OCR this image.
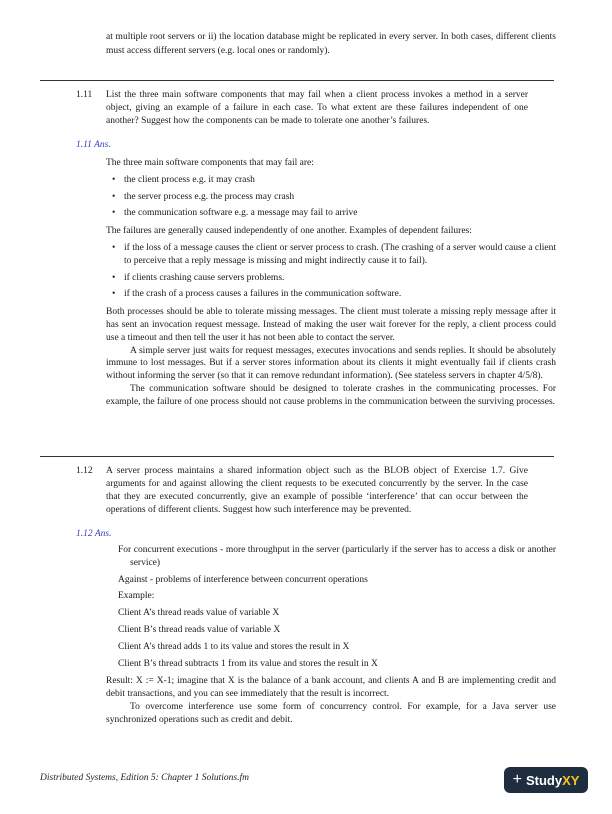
at multiple root servers or ii) the location database might be replicated in every server. In both cases, different clients must access different servers (e.g. local ones or randomly).

1.11	List the three main software components that may fail when a client process invokes a method in a server object, giving an example of a failure in each case. To what extent are these failures independent of one another? Suggest how the components can be made to tolerate one another’s failures.

1.11 Ans.

The three main software components that may fail are:

• the client process e.g. it may crash
• the server process e.g. the process may crash
• the communication software e.g. a message may fail to arrive

The failures are generally caused independently of one another. Examples of dependent failures:

• if the loss of a message causes the client or server process to crash. (The crashing of a server would cause a client to perceive that a reply message is missing and might indirectly cause it to fail).
• if clients crashing cause servers problems.
• if the crash of a process causes a failures in the communication software.

Both processes should be able to tolerate missing messages. The client must tolerate a missing reply message after it has sent an invocation request message. Instead of making the user wait forever for the reply, a client process could use a timeout and then tell the user it has not been able to contact the server.

A simple server just waits for request messages, executes invocations and sends replies. It should be absolutely immune to lost messages. But if a server stores information about its clients it might eventually fail if clients crash without informing the server (so that it can remove redundant information). (See stateless servers in chapter 4/5/8).

The communication software should be designed to tolerate crashes in the communicating processes. For example, the failure of one process should not cause problems in the communication between the surviving processes.

1.12	A server process maintains a shared information object such as the BLOB object of Exercise 1.7. Give arguments for and against allowing the client requests to be executed concurrently by the server. In the case that they are executed concurrently, give an example of possible ‘interference’ that can occur between the operations of different clients. Suggest how such interference may be prevented.

1.12 Ans.

For concurrent executions - more throughput in the server (particularly if the server has to access a disk or another service)

Against - problems of interference between concurrent operations

Example:

Client A’s thread reads value of variable X

Client B’s thread reads value of variable X

Client A’s thread adds 1 to its value and stores the result in X

Client B’s thread subtracts 1 from its value and stores the result in X

Result: X := X-1; imagine that X is the balance of a bank account, and clients A and B are implementing credit and debit transactions, and you can see immediately that the result is incorrect.

To overcome interference use some form of concurrency control. For example, for a Java server use synchronized operations such as credit and debit.

Distributed Systems, Edition 5: Chapter 1 Solutions.fm	+ Study XY
